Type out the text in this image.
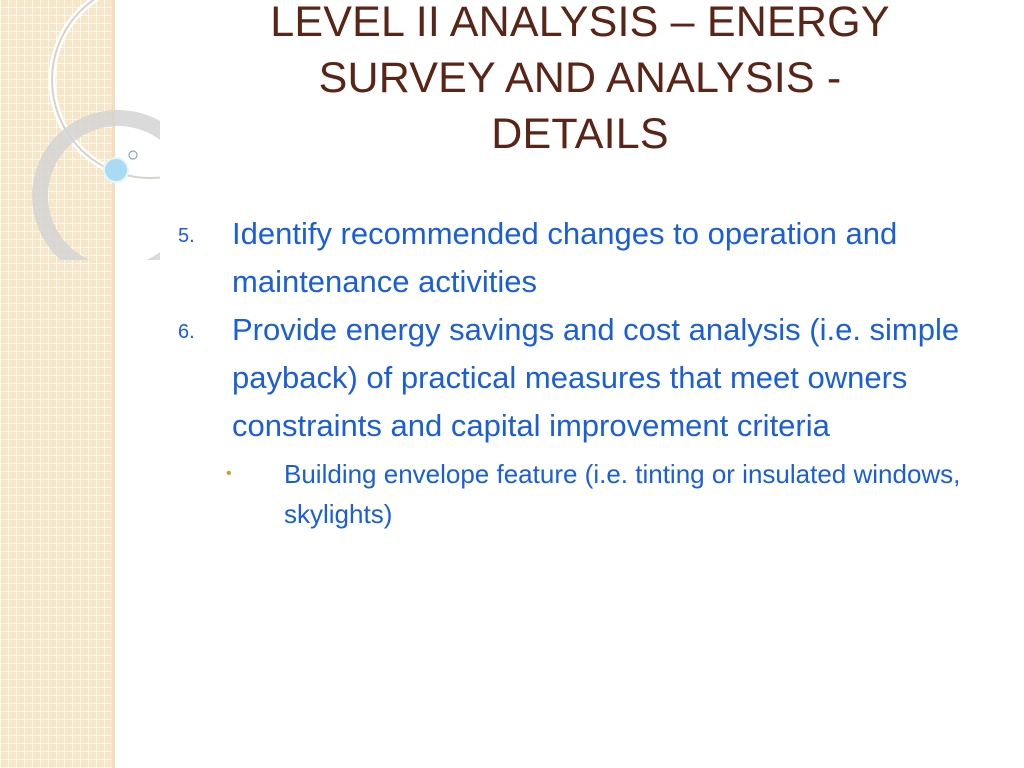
LEVEL II ANALYSIS – ENERGY
SURVEY AND ANALYSIS -
DETAILS
5. Identify recommended changes to operation and maintenance activities
6. Provide energy savings and cost analysis (i.e. simple payback) of practical measures that meet owners constraints and capital improvement criteria
• Building envelope feature (i.e. tinting or insulated windows, skylights)
